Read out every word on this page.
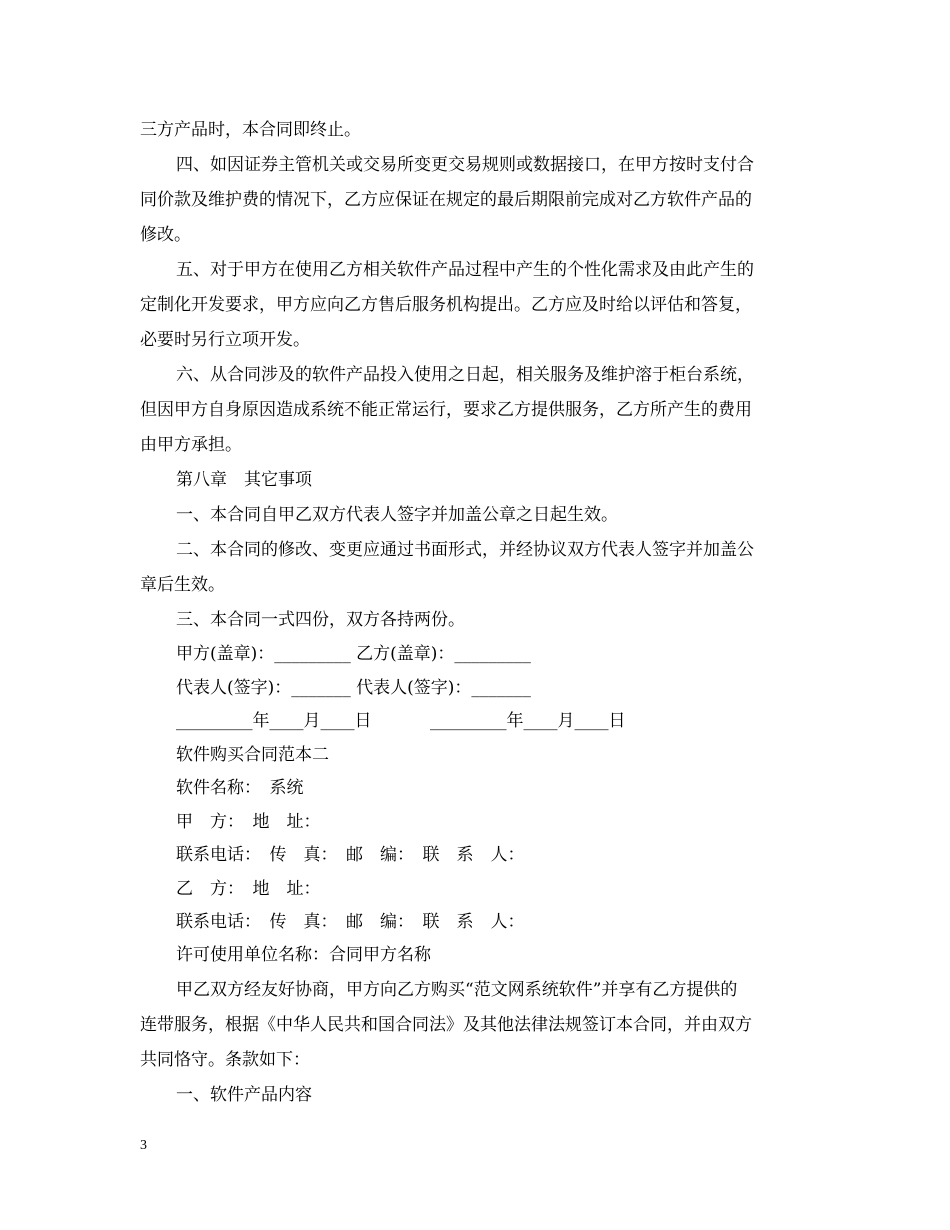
三方产品时，本合同即终止。
四、如因证券主管机关或交易所变更交易规则或数据接口，在甲方按时支付合
同价款及维护费的情况下，乙方应保证在规定的最后期限前完成对乙方软件产品的
修改。
五、对于甲方在使用乙方相关软件产品过程中产生的个性化需求及由此产生的
定制化开发要求，甲方应向乙方售后服务机构提出。乙方应及时给以评估和答复，
必要时另行立项开发。
六、从合同涉及的软件产品投入使用之日起，相关服务及维护溶于柜台系统，
但因甲方自身原因造成系统不能正常运行，要求乙方提供服务，乙方所产生的费用
由甲方承担。
第八章　其它事项
一、本合同自甲乙双方代表人签字并加盖公章之日起生效。
二、本合同的修改、变更应通过书面形式，并经协议双方代表人签字并加盖公
章后生效。
三、本合同一式四份，双方各持两份。
甲方(盖章)：_________ 乙方(盖章)：_________
代表人(签字)：_______ 代表人(签字)：_______
_________年____月____日	_________年____月____日
软件购买合同范本二
软件名称：　系统
甲　方：　地　址：
联系电话：　传　真：　邮　编：　联　系　人：
乙　方：　地　址：
联系电话：　传　真：　邮　编：　联　系　人：
许可使用单位名称：合同甲方名称
甲乙双方经友好协商，甲方向乙方购买“范文网系统软件”并享有乙方提供的
连带服务，根据《中华人民共和国合同法》及其他法律法规签订本合同，并由双方
共同恪守。条款如下：
一、软件产品内容
3
